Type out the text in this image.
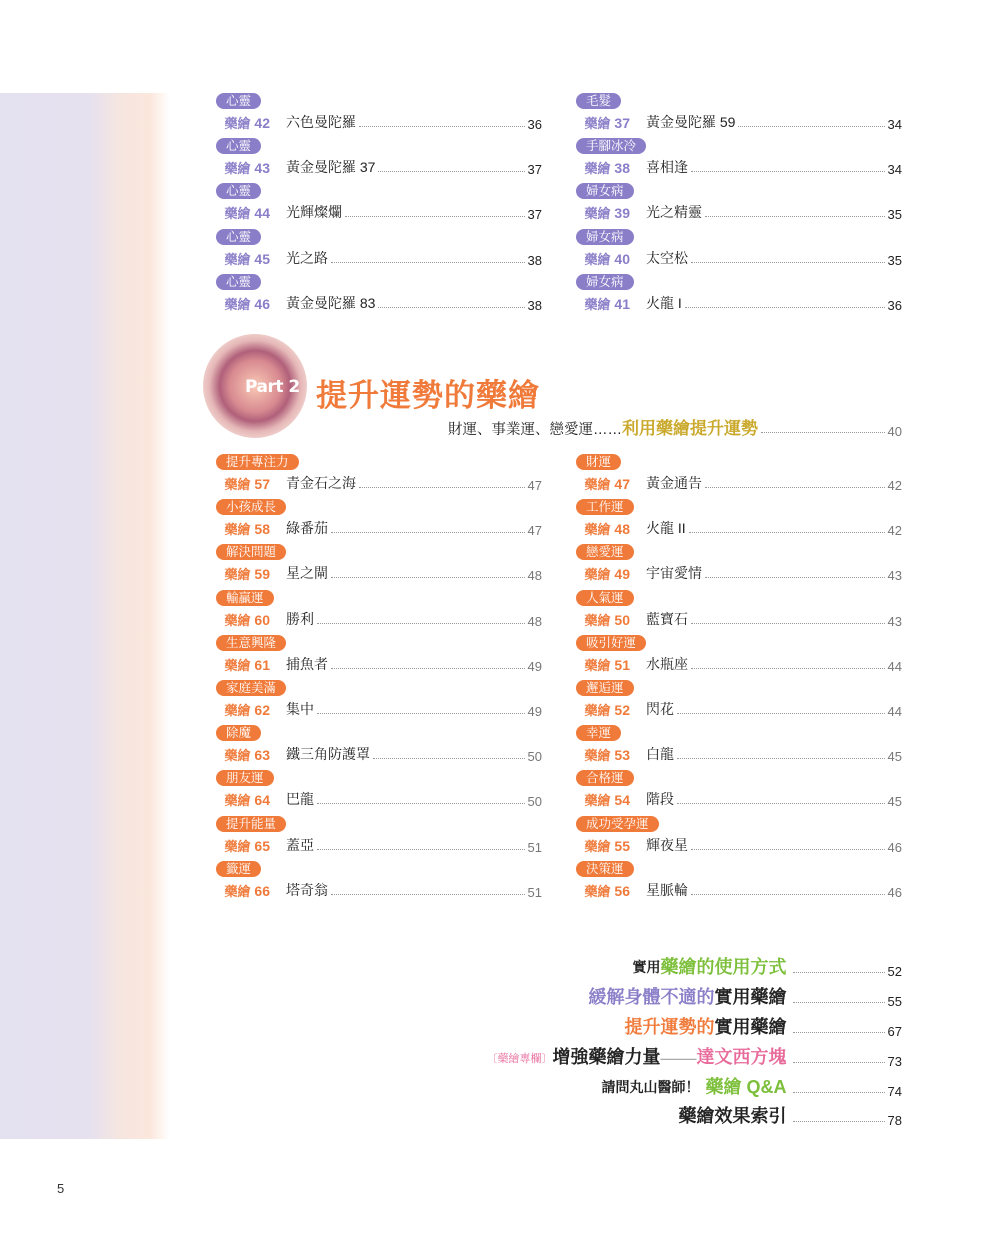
心靈
藥繪 42 六色曼陀羅	36
心靈
藥繪 43 黃金曼陀羅 37	37
心靈
藥繪 44 光輝燦爛	37
心靈
藥繪 45 光之路	38
心靈
藥繪 46 黃金曼陀羅 83	38
毛髮
藥繪 37 黃金曼陀羅 59	34
手腳冰冷
藥繪 38 喜相逢	34
婦女病
藥繪 39 光之精靈	35
婦女病
藥繪 40 太空松	35
婦女病
藥繪 41 火龍 I	36
Part 2 提升運勢的藥繪
財運、事業運、戀愛運…… 利用藥繪提升運勢	40
提升專注力
藥繪 57 青金石之海	47
小孩成長
藥繪 58 綠番茄	47
解決問題
藥繪 59 星之閘	48
輸贏運
藥繪 60 勝利	48
生意興隆
藥繪 61 捕魚者	49
家庭美滿
藥繪 62 集中	49
除魔
藥繪 63 鐵三角防護罩	50
朋友運
藥繪 64 巴龍	50
提升能量
藥繪 65 蓋亞	51
籤運
藥繪 66 塔奇翁	51
財運
藥繪 47 黃金通告	42
工作運
藥繪 48 火龍 II	42
戀愛運
藥繪 49 宇宙愛情	43
人氣運
藥繪 50 藍寶石	43
吸引好運
藥繪 51 水瓶座	44
邂逅運
藥繪 52 閃花	44
幸運
藥繪 53 白龍	45
合格運
藥繪 54 階段	45
成功受孕運
藥繪 55 輝夜星	46
決策運
藥繪 56 星脈輪	46
實用 藥繪的使用方式	52
緩解身體不適的 實用藥繪	55
提升運勢的 實用藥繪	67
〔藥繪專欄〕 增強藥繪力量 —— 達文西方塊	73
請問丸山醫師！ 藥繪 Q&A	74
藥繪效果索引	78
5
